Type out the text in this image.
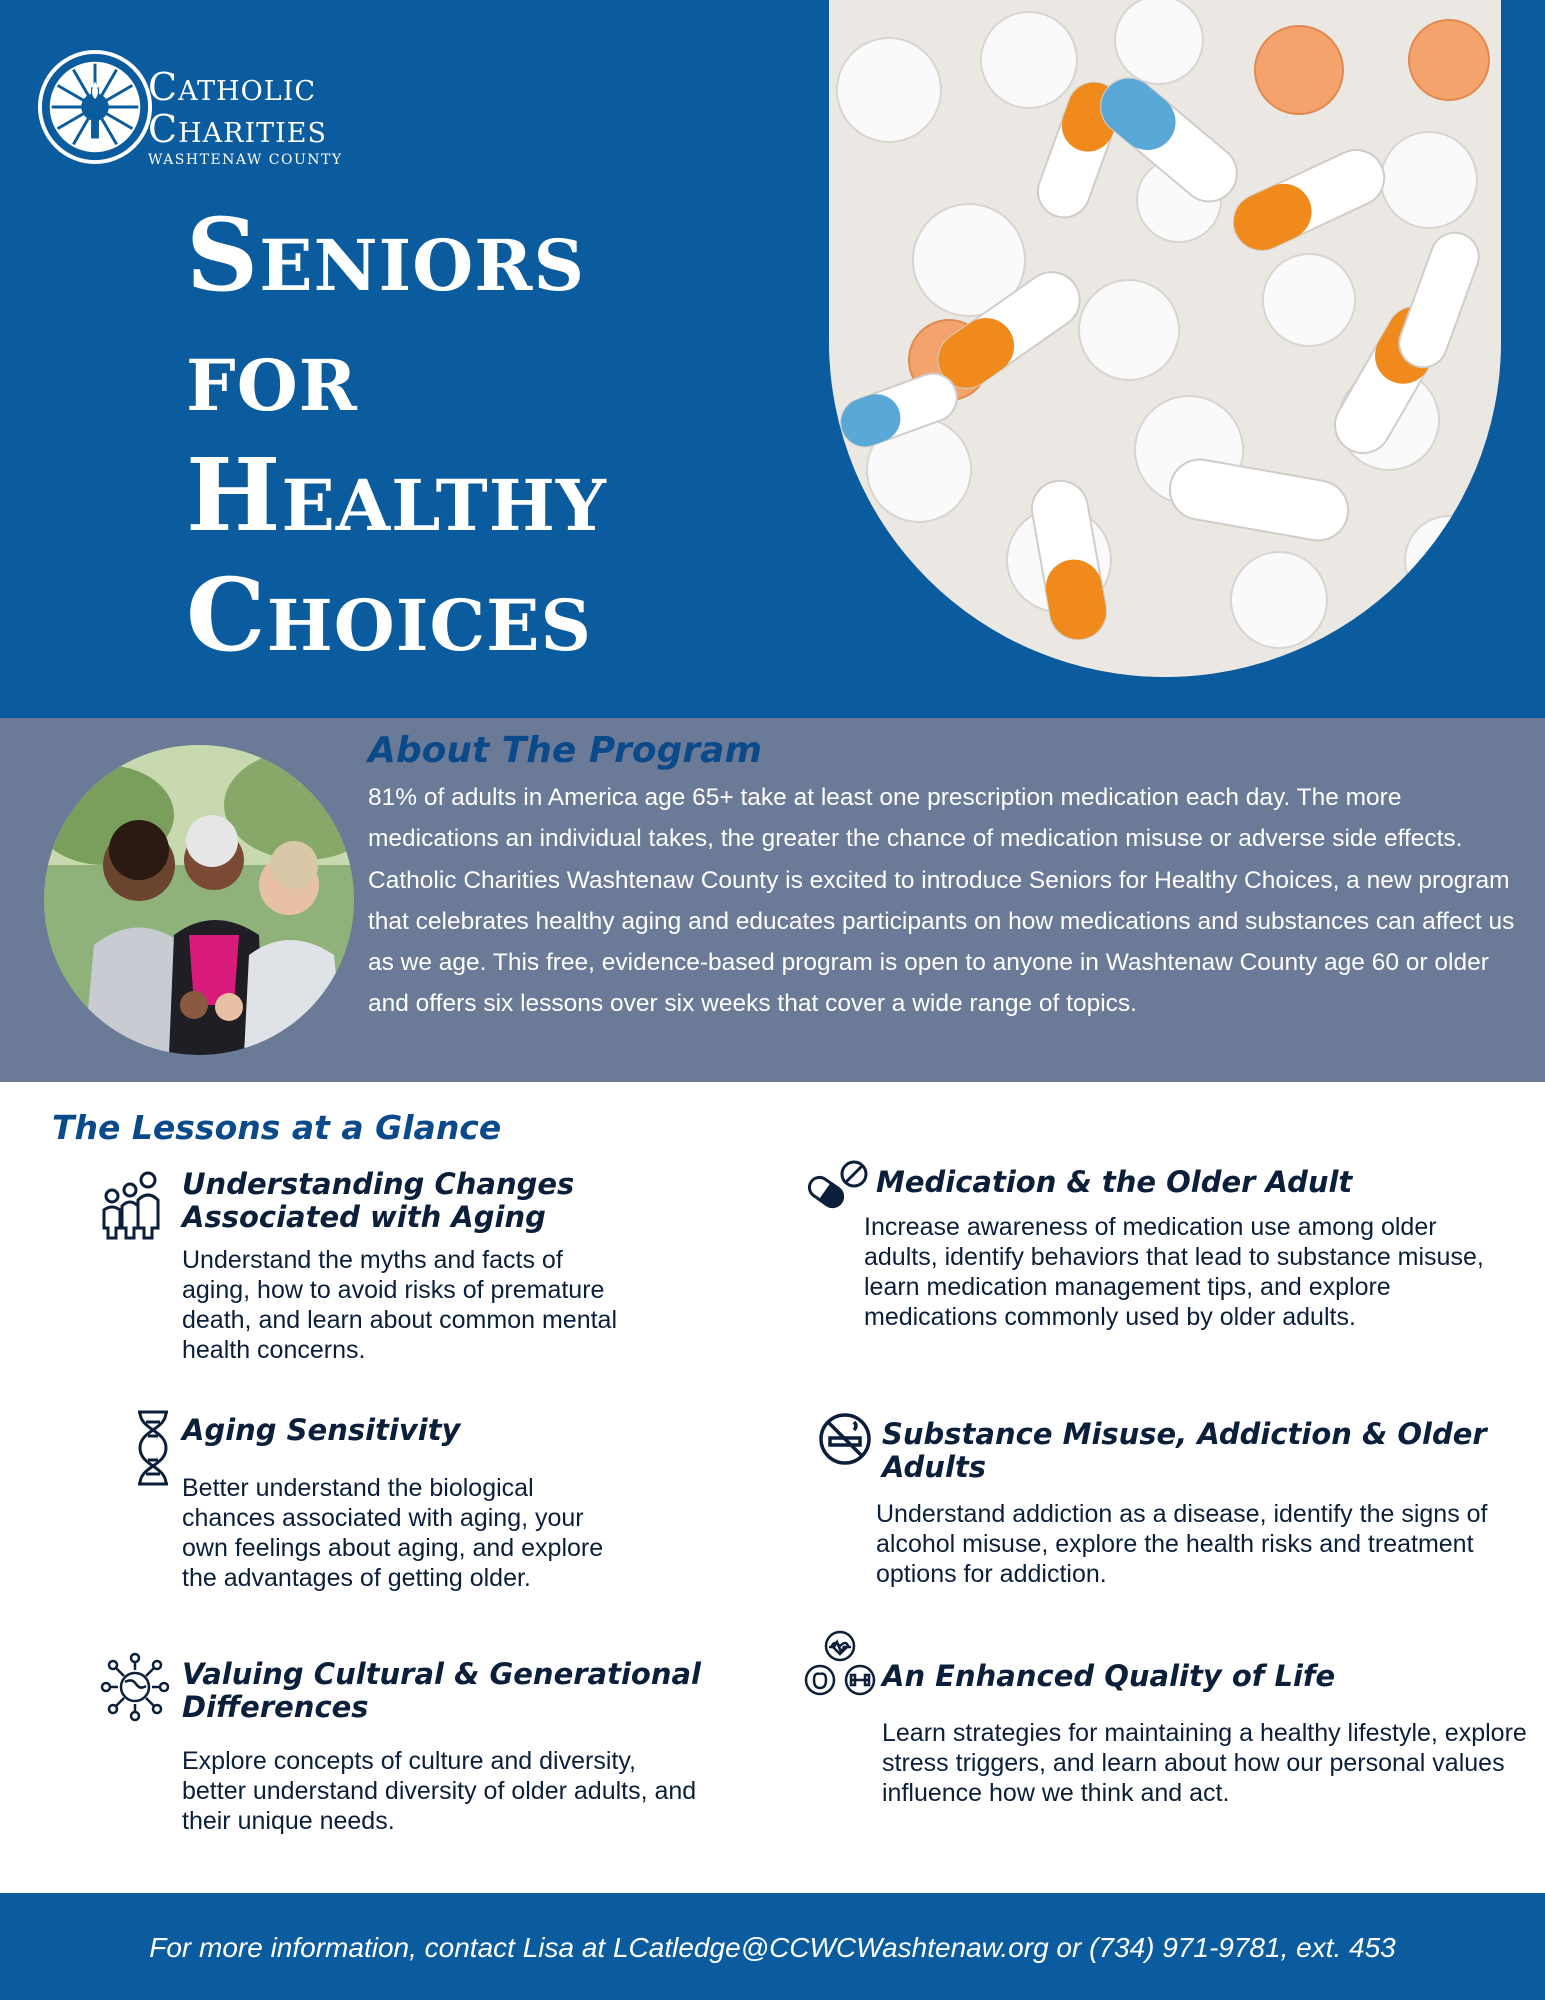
Catholic
Charities
WASHTENAW COUNTY
Seniors
for
Healthy
Choices
About The Program
81% of adults in America age 65+ take at least one prescription medication each day. The more medications an individual takes, the greater the chance of medication misuse or adverse side effects. Catholic Charities Washtenaw County is excited to introduce Seniors for Healthy Choices, a new program that celebrates healthy aging and educates participants on how medications and substances can affect us as we age. This free, evidence-based program is open to anyone in Washtenaw County age 60 or older and offers six lessons over six weeks that cover a wide range of topics.
The Lessons at a Glance
Understanding Changes
Associated with Aging
Understand the myths and facts of aging, how to avoid risks of premature death, and learn about common mental health concerns.
Aging Sensitivity
Better understand the biological chances associated with aging, your own feelings about aging, and explore the advantages of getting older.
Valuing Cultural & Generational
Differences
Explore concepts of culture and diversity, better understand diversity of older adults, and their unique needs.
Medication & the Older Adult
Increase awareness of medication use among older adults, identify behaviors that lead to substance misuse, learn medication management tips, and explore medications commonly used by older adults.
Substance Misuse, Addiction & Older
Adults
Understand addiction as a disease, identify the signs of alcohol misuse, explore the health risks and treatment options for addiction.
An Enhanced Quality of Life
Learn strategies for maintaining a healthy lifestyle, explore stress triggers, and learn about how our personal values influence how we think and act.
For more information, contact Lisa at LCatledge@CCWCWashtenaw.org or (734) 971-9781, ext. 453
